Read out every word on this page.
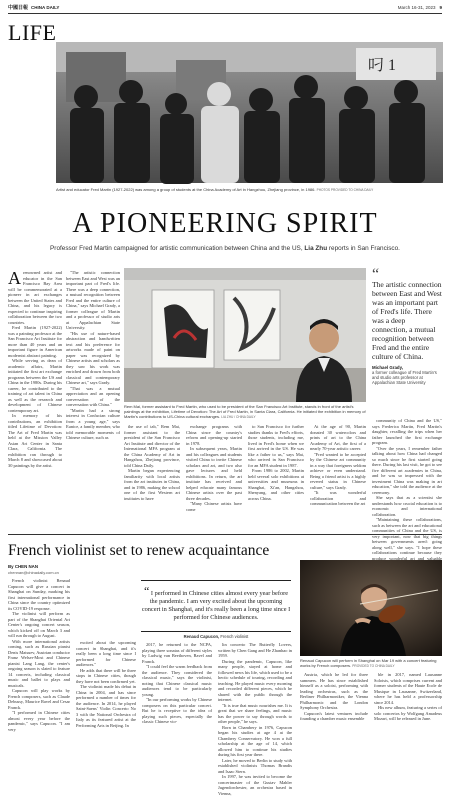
中國日報 CHINA DAILY	March 16-31, 2023 9
LIFE
叼 1
Artist and educator Fred Martin (1927-2022) was among a group of students at the China Academy of Art in Hangzhou, Zhejiang province, in 1986. PHOTOS PROVIDED TO CHINA DAILY
A PIONEERING SPIRIT
Professor Fred Martin campaigned for artistic communication between China and the US, Lia Zhu reports in San Francisco.
A renowned artist and educator in the San Francisco Bay Area will be commemorated at a pioneer in art exchanges between the United States and China, and his legacy is expected to continue inspiring collaboration between the two countries.

Fred Martin (1927-2022) was a painting professor at the San Francisco Art Institute for more than 40 years and an important figure in American modernist abstract painting.

While serving as dean of academic affairs, Martin initiated the first art exchange programs between the US and China in the 1980s. During his career, he contributed to the training of art talent in China as well as the research and development of Chinese contemporary art.

In memory of his contributions, an exhibition titled Lifetime of Devotion: The Art of Fred Martin was held at the Mission Valley Asian Art Center in Santa Clara, California. The exhibition ran through to March 8 and showcased about 30 paintings by the artist.

"The artistic connection between East and West was an important part of Fred's life. There was a deep connection, a mutual recognition between Fred and the entire culture of China," says Michael Grady, a former colleague of Martin and a professor of studio arts at Appalachian State University.

"His use of nature-based abstraction and handwritten text and his preference for artworks made of paint on paper was recognized by Chinese artists and scholars as they saw his work was enriched and drawn from both classical and contemporary Chinese art," says Grady.

"That was a mutual appreciation and an opening conversation of the conversation with China."

"Martin had a strong interest in Confucian culture from a young age," says Eunice, a family member, who told memorable moments of Chinese culture, such as

Rem Mai, former assistant to Fred Martin, who used to be president of the San Francisco Art Institute, stands in front of the artist's paintings at the exhibition, Lifetime of Devotion: The Art of Fred Martin, in Santa Clara, California. He initiated the exhibition in memory of Martin's contributions to US-China cultural exchanges. LIA ZHU / CHINA DAILY

the use of tab," Rem Mai, former assistant to the president of the San Francisco Art Institute and director of the International MFA program at the China Academy of Art in Hangzhou, Zhejiang province, told China Daily.

Martin began experiencing familiarity with local artists from the art institutes in China, and in 1986, making the school one of the first Western art institutes to have

exchange programs with China since the country's reform and opening-up started in 1978.

In subsequent years, Martin and his colleagues and students visited China to invite Chinese scholars and art, and two also gave lectures and held exhibitions. In return, the art institute has received and helped educate many famous Chinese artists over the past three decades.

"Many Chinese artists have come

to San Francisco for further studies thanks to Fred's efforts, those students, including me, lived in Fred's home when we first arrived in the US. He was like a father to us," says Mai, who arrived in San Francisco for an MFA student in 1987.

From 1986 to 2002, Martin held several solo exhibitions at universities and museums in Shanghai, Xi'an, Hangzhou, Shenyang, and other cities across China.

At the age of 90, Martin donated 30 watercolors and prints of art to the China Academy of Art, the first of a nearly 70-year artistic career.

"Fred wanted to be accepted by the Chinese art community in a way that foreigners seldom achieve or even understand. Being a friend artist is a highly revered status in Chinese culture," says Grady.

"It was wonderful collaboration and communication between the art

“
The artistic connection between East and West was an important part of Fred's life. There was a deep connection, a mutual recognition between Fred and the entire culture of China.
Michael Grady,
a former colleague of Fred Martin's and studio arts professor at Appalachian State University

community of China and the US," says Frederica Martin, Fred Martin's daughter, recalling the trips when her father launched the first exchange program.

"Over the years, I remember father talking about how China had changed so much since he first started going there. During his last visit, he got to see five different art academies in China, and he was so impressed with the investment China was making in art education," she told the audience at the ceremony.

She says that as a scientist she understands how crucial education is to economic and international collaboration.

"Maintaining these collaborations, such as between the art and educational communities of China and the US, is very important, now that big things between governments aren't going along well," she says. "I hope these collaborations continue because they produce wonderful art and valuable

French violinist set to renew acquaintance
By CHEN NAN
chennan@chinadaily.com.cn

French violinist Renaud Capucon will give a concert in Shanghai on Sunday, marking his first international performance in China since the country optimized its COVID-19 response.

The violinist will perform as part of the Shanghai Oriental Art Center's ongoing concert season, which kicked off on March 3 and will run through to August.

With more international artists coming, such as Russian pianist Denis Matsuev, Austrian conductor Franz Welser-Most and Chinese pianist Lang Lang, the center's ongoing season is slated to feature 14 concerts, including classical music and ballet to plays and musicals.

Capucon will play works by French composers, such as Claude Debussy, Maurice Ravel and Cesar Franck.

"I performed in Chinese cities almost every year before the pandemic," says Capucon. "I am very

“ I performed in Chinese cities almost every year before the pandemic. I am very excited about the upcoming concert in Shanghai, and it's really been a long time since I performed for Chinese audiences.
Renaud Capucon, French violinist

excited about the upcoming concert in Shanghai, and it's really been a long time since I performed for Chinese audiences."

He adds that there will be three stops in Chinese cities, though they have not been confirmed yet.

The violinist made his debut in China in 2004, and has since performed a number of times for the audience. In 2014, he played Saint-Saens' Violin Concerto No 3 with the National Orchestra of Italy as its featured artist at the Performing Arts in Beijing. In

2017, he returned to the NCPA, playing three sonatas of different styles by Ludwig van Beethoven, Ravel and Franck.

"I could feel the warm feedback from the audience. They considered the classical music," says the violinist, noting that Chinese classical music audiences tend to be particularly young.

"In our performing works by Chinese composers on this particular concert. But he is receptive to the idea of playing such pieces, especially the classic Chinese vio-

lin concerto The Butterfly Lovers, written by Chen Gang and He Zhanhao in 1959.

During the pandemic, Capucon, like many people, stayed at home and followed news his life, which used to be a hectic schedule of touring, recording and teaching. He played music every morning and recorded different pieces, which he shared with the public through the internet.

"It is true that music nourishes me. It is great that we share feelings, and music has the power to say through words to other people," he says.

Born in Chambery in 1976, Capucon began his studies at age 4 at the Chambery Conservatory. He won a full scholarship at the age of 14, which allowed him to continue his studies during his first year there.

Later, he moved to Berlin to study with established violinists Thomas Brandis and Isaac Stern.

In 1997, he was invited to become the concertmaster of the Gustav Mahler Jugendorchester, an orchestra based in Vienna,

Renaud Capucon will perform in Shanghai on Mar 19 with a concert featuring works by French composers. PROVIDED TO CHINA DAILY

Austria, which he led for three summers. He has since established himself as a soloist, performing with leading orchestras, such as the Berliner Philharmoniker, the Vienna Philharmonic and the London Symphony Orchestra.

Capucon's latest ventures include founding a chamber music ensemble

ble in 2017, named Lausanne Soloists, which comprises current and former students of the Haute Ecole de Musique in Lausanne, Switzerland, where he has held a professorship since 2014.

His new album, featuring a series of solo concertos by Wolfgang Amadeus Mozart, will be released in June.
